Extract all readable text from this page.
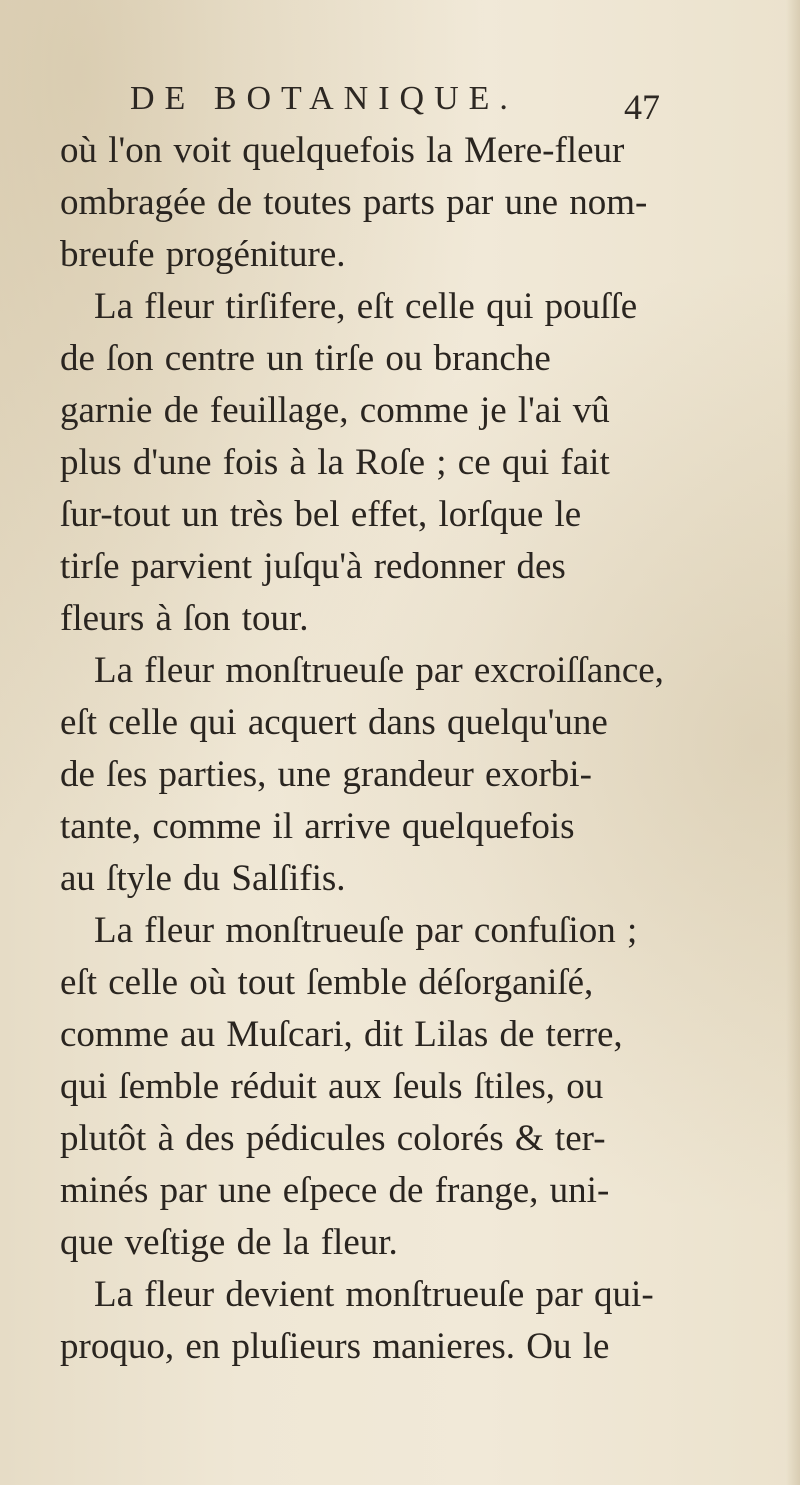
DE BOTANIQUE.	47
où l'on voit quelquefois la Mere-fleur
ombragée de toutes parts par une nom-
breufe progéniture.
La fleur tirſifere, eſt celle qui pouſſe
de ſon centre un tirſe ou branche
garnie de feuillage, comme je l'ai vû
plus d'une fois à la Roſe ; ce qui fait
ſur-tout un très bel effet, lorſque le
tirſe parvient juſqu'à redonner des
fleurs à ſon tour.
La fleur monſtrueuſe par excroiſſance,
eſt celle qui acquert dans quelqu'une
de ſes parties, une grandeur exorbi-
tante, comme il arrive quelquefois
au ſtyle du Salſifis.
La fleur monſtrueuſe par confuſion ;
eſt celle où tout ſemble déſorganiſé,
comme au Muſcari, dit Lilas de terre,
qui ſemble réduit aux ſeuls ſtiles, ou
plutôt à des pédicules colorés & ter-
minés par une eſpece de frange, uni-
que veſtige de la fleur.
La fleur devient monſtrueuſe par qui-
proquo, en pluſieurs manieres. Ou le
